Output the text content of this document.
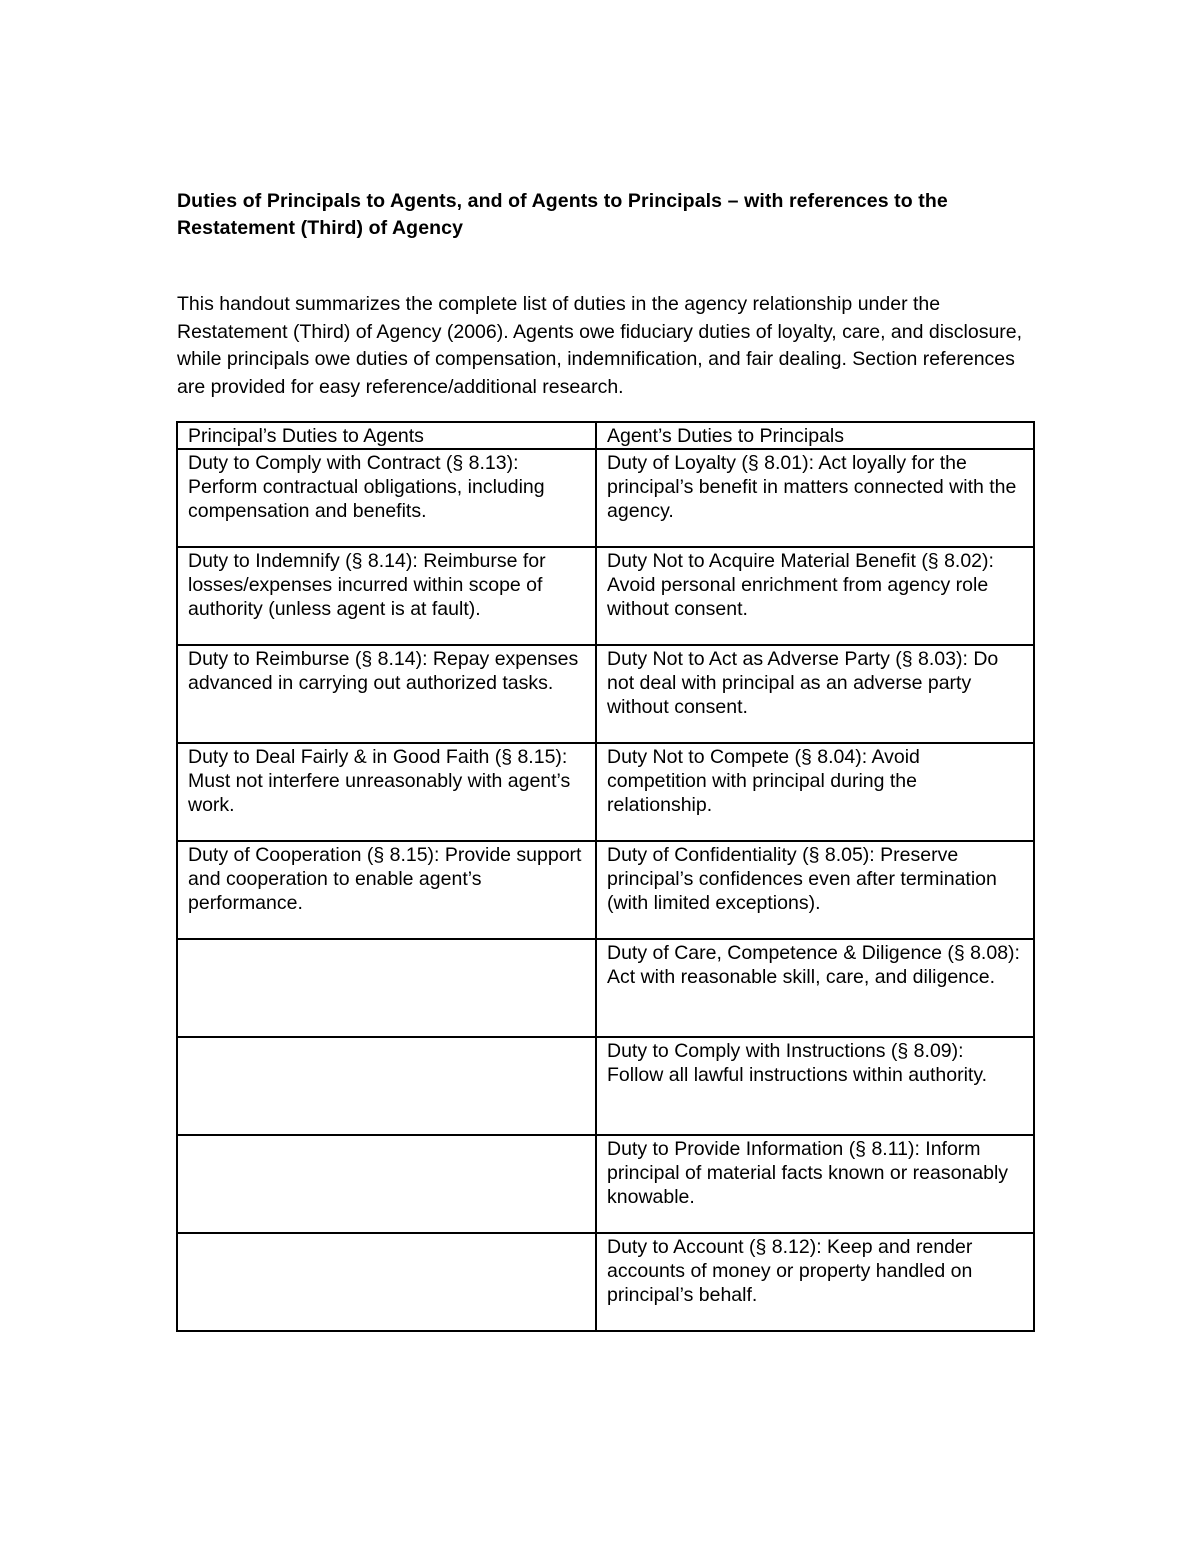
Duties of Principals to Agents, and of Agents to Principals – with references to the Restatement (Third) of Agency

This handout summarizes the complete list of duties in the agency relationship under the Restatement (Third) of Agency (2006). Agents owe fiduciary duties of loyalty, care, and disclosure, while principals owe duties of compensation, indemnification, and fair dealing. Section references are provided for easy reference/additional research.

Principal’s Duties to Agents	Agent’s Duties to Principals
Duty to Comply with Contract (§ 8.13): Perform contractual obligations, including compensation and benefits.	Duty of Loyalty (§ 8.01): Act loyally for the principal’s benefit in matters connected with the agency.
Duty to Indemnify (§ 8.14): Reimburse for losses/expenses incurred within scope of authority (unless agent is at fault).	Duty Not to Acquire Material Benefit (§ 8.02): Avoid personal enrichment from agency role without consent.
Duty to Reimburse (§ 8.14): Repay expenses advanced in carrying out authorized tasks.	Duty Not to Act as Adverse Party (§ 8.03): Do not deal with principal as an adverse party without consent.
Duty to Deal Fairly & in Good Faith (§ 8.15): Must not interfere unreasonably with agent’s work.	Duty Not to Compete (§ 8.04): Avoid competition with principal during the relationship.
Duty of Cooperation (§ 8.15): Provide support and cooperation to enable agent’s performance.	Duty of Confidentiality (§ 8.05): Preserve principal’s confidences even after termination (with limited exceptions).
	Duty of Care, Competence & Diligence (§ 8.08): Act with reasonable skill, care, and diligence.
	Duty to Comply with Instructions (§ 8.09): Follow all lawful instructions within authority.
	Duty to Provide Information (§ 8.11): Inform principal of material facts known or reasonably knowable.
	Duty to Account (§ 8.12): Keep and render accounts of money or property handled on principal’s behalf.
